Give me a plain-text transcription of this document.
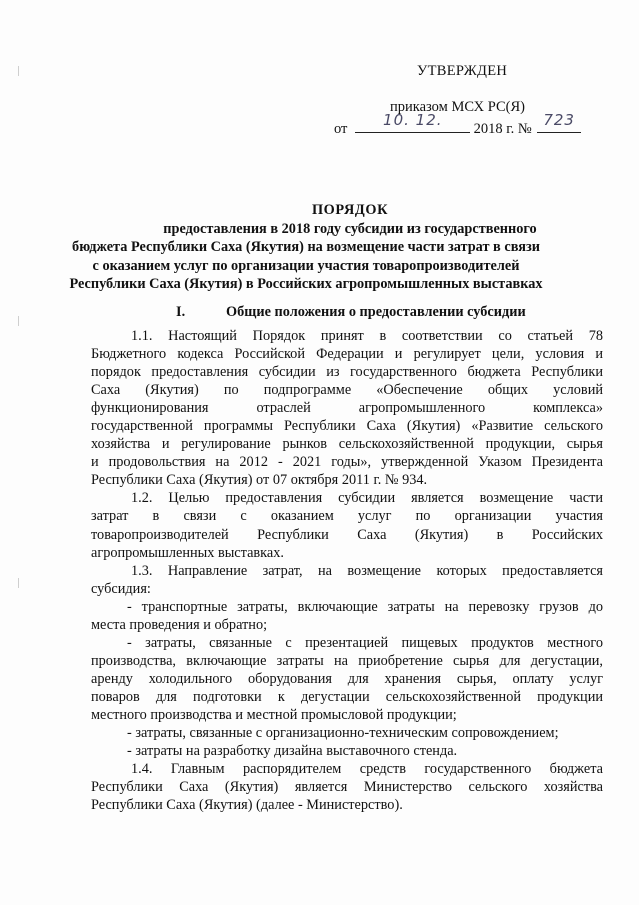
УТВЕРЖДЕН
приказом МСХ РС(Я)
от 10. 12. 2018 г. № 723
ПОРЯДОК
предоставления в 2018 году субсидии из государственного
бюджета Республики Саха (Якутия) на возмещение части затрат в связи
с оказанием услуг по организации участия товаропроизводителей
Республики Саха (Якутия) в Российских агропромышленных выставках
I.	Общие положения о предоставлении субсидии

1.1. Настоящий Порядок принят в соответствии со статьей 78
Бюджетного кодекса Российской Федерации и регулирует цели, условия и
порядок предоставления субсидии из государственного бюджета Республики
Саха (Якутия) по подпрограмме «Обеспечение общих условий
функционирования отраслей агропромышленного комплекса»
государственной программы Республики Саха (Якутия) «Развитие сельского
хозяйства и регулирование рынков сельскохозяйственной продукции, сырья
и продовольствия на 2012 - 2021 годы», утвержденной Указом Президента
Республики Саха (Якутия) от 07 октября 2011 г. № 934.

1.2. Целью предоставления субсидии является возмещение части
затрат в связи с оказанием услуг по организации участия
товаропроизводителей Республики Саха (Якутия) в Российских
агропромышленных выставках.

1.3. Направление затрат, на возмещение которых предоставляется
субсидия:

- транспортные затраты, включающие затраты на перевозку грузов до
места проведения и обратно;

- затраты, связанные с презентацией пищевых продуктов местного
производства, включающие затраты на приобретение сырья для дегустации,
аренду холодильного оборудования для хранения сырья, оплату услуг
поваров для подготовки к дегустации сельскохозяйственной продукции
местного производства и местной промысловой продукции;

- затраты, связанные с организационно-техническим сопровождением;

- затраты на разработку дизайна выставочного стенда.

1.4. Главным распорядителем средств государственного бюджета
Республики Саха (Якутия) является Министерство сельского хозяйства
Республики Саха (Якутия) (далее - Министерство).
